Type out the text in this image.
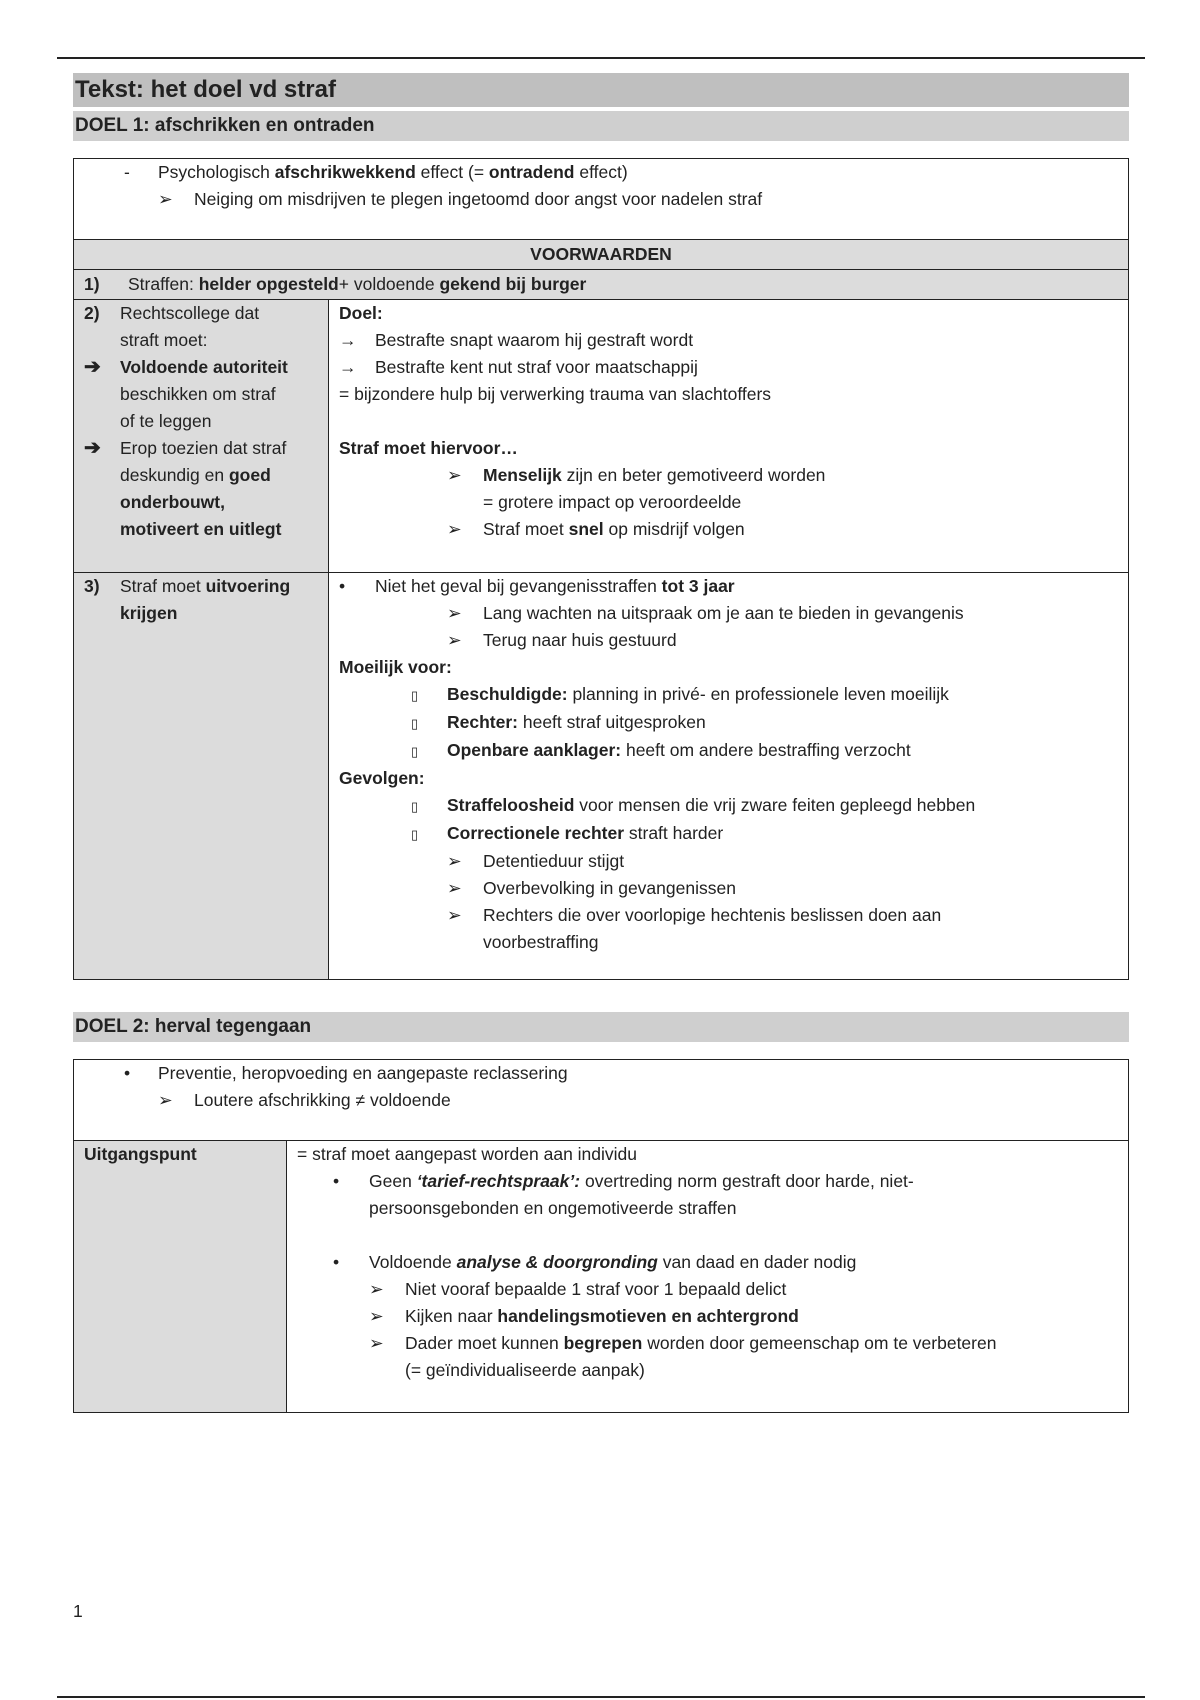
Tekst: het doel vd straf
DOEL 1: afschrikken en ontraden
- Psychologisch afschrikwekkend effect (= ontradend effect)
➢ Neiging om misdrijven te plegen ingetoomd door angst voor nadelen straf
VOORWAARDEN
1)	Straffen:
helder opgesteld + voldoende
gekend bij burger
2) Rechtscollege dat
straft moet:
Voldoende autoriteit
beschikken om straf
of te leggen
Erop toezien dat straf
deskundig en goed
onderbouwt,
motiveert en uitlegt
➔
➔
Doel:
→ Bestrafte snapt waarom hij gestraft wordt
→ Bestrafte kent nut straf voor maatschappij
= bijzondere hulp bij verwerking trauma van slachtoffers
Straf moet hiervoor…
➢ Menselijk zijn en beter gemotiveerd worden
= grotere impact op veroordeelde
➢ Straf moet snel op misdrijf volgen
3) Straf moet uitvoering
krijgen
• Niet het geval bij gevangenisstraffen tot 3 jaar
➢ Lang wachten na uitspraak om je aan te bieden in gevangenis
➢ Terug naar huis gestuurd
Moeilijk voor:
▯ Beschuldigde: planning in privé- en professionele leven moeilijk
▯ Rechter: heeft straf uitgesproken
▯ Openbare aanklager: heeft om andere bestraffing verzocht
Gevolgen:
▯ Straffeloosheid voor mensen die vrij zware feiten gepleegd hebben
▯ Correctionele rechter straft harder
➢ Detentieduur stijgt
➢ Overbevolking in gevangenissen
➢ Rechters die over voorlopige hechtenis beslissen doen aan
voorbestraffing
DOEL 2: herval tegengaan
• Preventie, heropvoeding en aangepaste reclassering
➢ Loutere afschrikking ≠ voldoende
Uitgangspunt	= straf moet aangepast worden aan individu
• Geen ‘tarief-rechtspraak’: overtreding norm gestraft door harde, niet-
persoonsgebonden en ongemotiveerde straffen
• Voldoende analyse & doorgronding van daad en dader nodig
➢ Niet vooraf bepaalde 1 straf voor 1 bepaald delict
➢ Kijken naar handelingsmotieven en achtergrond
➢ Dader moet kunnen begrepen worden door gemeenschap om te verbeteren
(= geïndividualiseerde aanpak)
1
